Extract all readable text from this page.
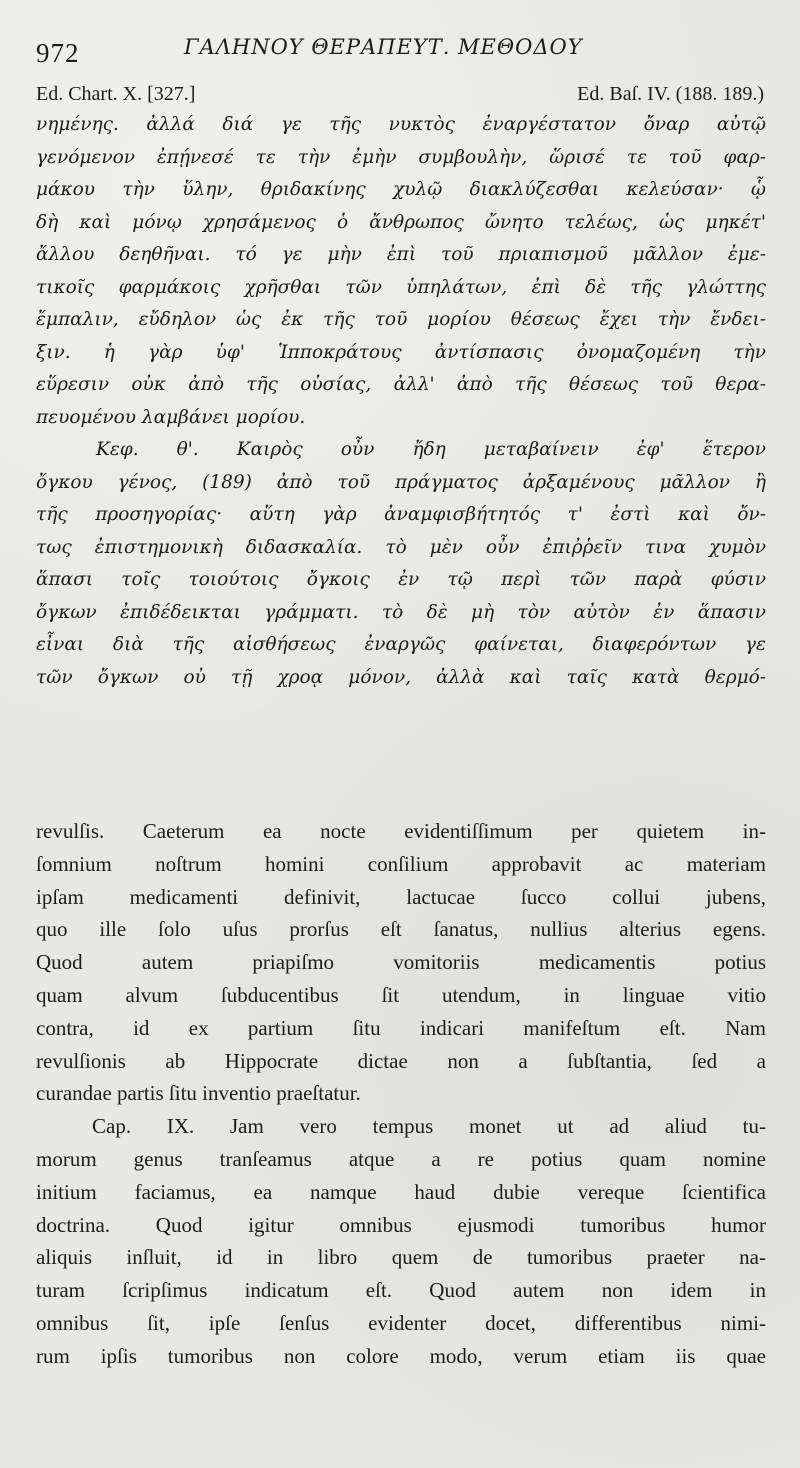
972	ΓΑΛΗΝΟΥ ΘΕΡΑΠΕΥΤ. ΜΕΘΟΔΟΥ
Ed. Chart. X. [327.]	Ed. Baſ. IV. (188. 189.)
νημένης. ἀλλά διά γε τῆς νυκτὸς ἐναργέστατον ὄναρ αὐτῷ
γενόμενον ἐπῄνεσέ τε τὴν ἐμὴν συμβουλὴν, ὥρισέ τε τοῦ φαρ-
μάκου τὴν ὕλην, θριδακίνης χυλῷ διακλύζεσθαι κελεύσαν· ᾧ
δὴ καὶ μόνῳ χρησάμενος ὁ ἄνθρωπος ὤνητο τελέως, ὡς μηκέτ'
ἄλλου δεηθῆναι. τό γε μὴν ἐπὶ τοῦ πριαπισμοῦ μᾶλλον ἐμε-
τικοῖς φαρμάκοις χρῆσθαι τῶν ὑπηλάτων, ἐπὶ δὲ τῆς γλώττης
ἔμπαλιν, εὔδηλον ὡς ἐκ τῆς τοῦ μορίου θέσεως ἔχει τὴν ἔνδει-
ξιν. ἡ γὰρ ὑφ' Ἱπποκράτους ἀντίσπασις ὀνομαζομένη τὴν
εὕρεσιν οὐκ ἀπὸ τῆς οὐσίας, ἀλλ' ἀπὸ τῆς θέσεως τοῦ θερα-
πευομένου λαμβάνει μορίου.
Κεφ. θ'. Καιρὸς οὖν ἤδη μεταβαίνειν ἐφ' ἕτερον
ὄγκου γένος, (189) ἀπὸ τοῦ πράγματος ἀρξαμένους μᾶλλον ἢ
τῆς προσηγορίας· αὕτη γὰρ ἀναμφισβήτητός τ' ἐστὶ καὶ ὄν-
τως ἐπιστημονικὴ διδασκαλία. τὸ μὲν οὖν ἐπιῤῥεῖν τινα χυμὸν
ἅπασι τοῖς τοιούτοις ὄγκοις ἐν τῷ περὶ τῶν παρὰ φύσιν
ὄγκων ἐπιδέδεικται γράμματι. τὸ δὲ μὴ τὸν αὐτὸν ἐν ἅπασιν
εἶναι διὰ τῆς αἰσθήσεως ἐναργῶς φαίνεται, διαφερόντων γε
τῶν ὄγκων οὐ τῇ χροᾳ μόνον, ἀλλὰ καὶ ταῖς κατὰ θερμό-
revulſis. Caeterum ea nocte evidentiſſimum per quietem in-
ſomnium noſtrum homini conſilium approbavit ac materiam
ipſam medicamenti definivit, lactucae ſucco collui jubens,
quo ille ſolo uſus prorſus eſt ſanatus, nullius alterius egens.
Quod autem priapiſmo vomitoriis medicamentis potius
quam alvum ſubducentibus ſit utendum, in linguae vitio
contra, id ex partium ſitu indicari manifeſtum eſt. Nam
revulſionis ab Hippocrate dictae non a ſubſtantia, ſed a
curandae partis ſitu inventio praeſtatur.
Cap. IX. Jam vero tempus monet ut ad aliud tu-
morum genus tranſeamus atque a re potius quam nomine
initium faciamus, ea namque haud dubie vereque ſcientifica
doctrina. Quod igitur omnibus ejusmodi tumoribus humor
aliquis inſluit, id in libro quem de tumoribus praeter na-
turam ſcripſimus indicatum eſt. Quod autem non idem in
omnibus ſit, ipſe ſenſus evidenter docet, differentibus nimi-
rum ipſis tumoribus non colore modo, verum etiam iis quae
